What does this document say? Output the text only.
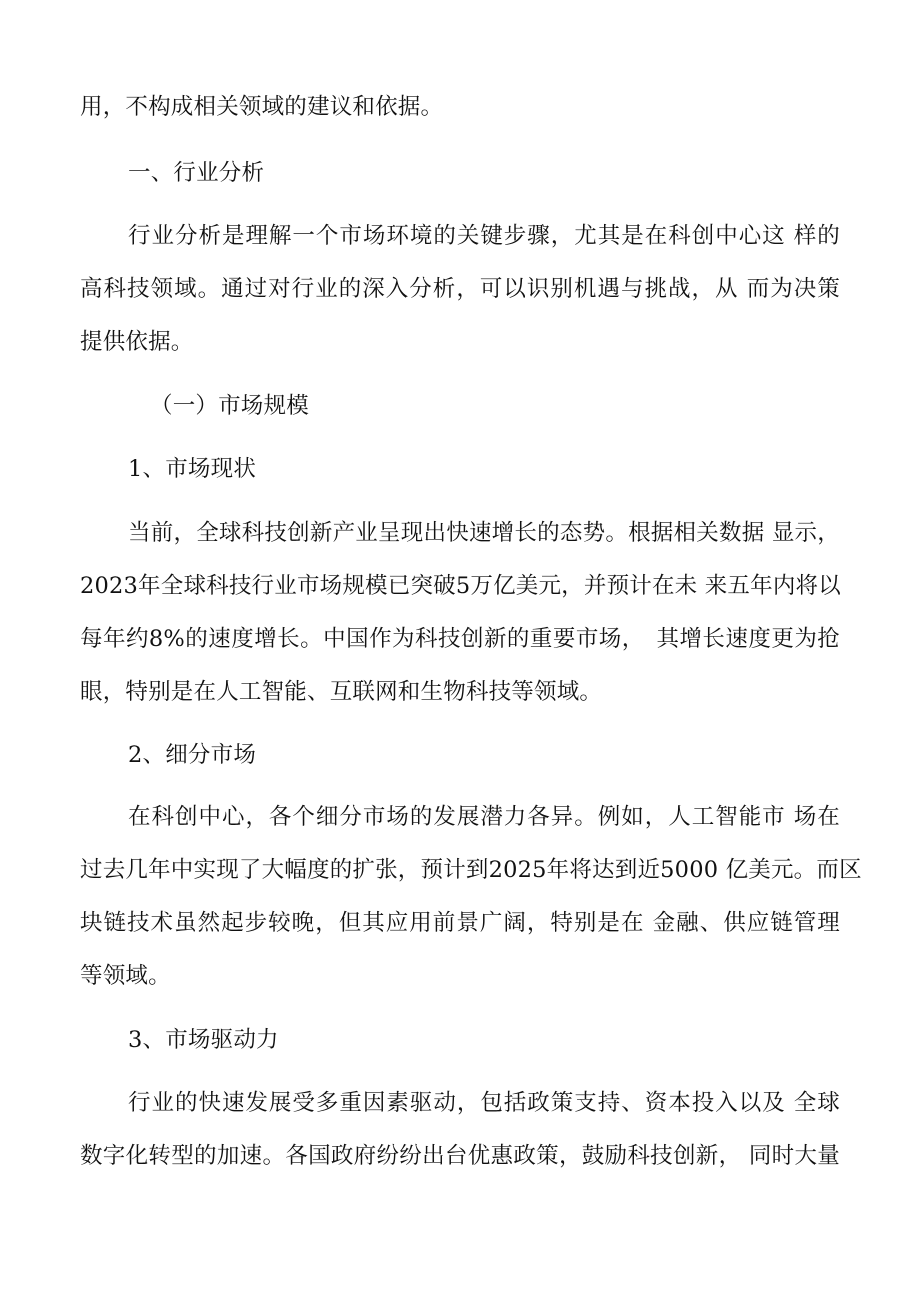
用，不构成相关领域的建议和依据。
一、行业分析
行业分析是理解一个市场环境的关键步骤，尤其是在科创中心这 样的
高科技领域。通过对行业的深入分析，可以识别机遇与挑战，从 而为决策
提供依据。
（一）市场规模
1、市场现状
当前，全球科技创新产业呈现出快速增长的态势。根据相关数据 显示，
2023年全球科技行业市场规模已突破5万亿美元，并预计在未 来五年内将以
每年约8%的速度增长。中国作为科技创新的重要市场，　其增长速度更为抢
眼，特别是在人工智能、互联网和生物科技等领域。
2、细分市场
在科创中心，各个细分市场的发展潜力各异。例如，人工智能市 场在
过去几年中实现了大幅度的扩张，预计到2025年将达到近5000 亿美元。而区
块链技术虽然起步较晚，但其应用前景广阔，特别是在 金融、供应链管理
等领域。
3、市场驱动力
行业的快速发展受多重因素驱动，包括政策支持、资本投入以及 全球
数字化转型的加速。各国政府纷纷出台优惠政策，鼓励科技创新， 同时大量
